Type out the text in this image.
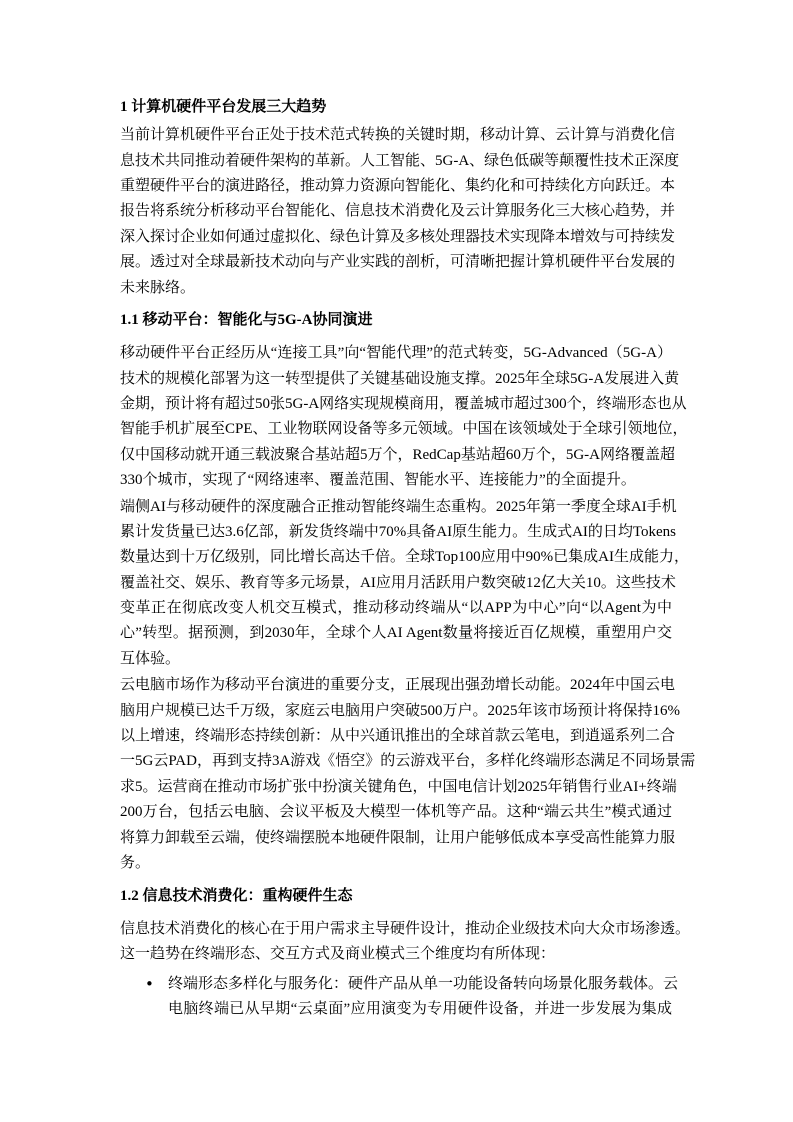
1 计算机硬件平台发展三大趋势
当前计算机硬件平台正处于技术范式转换的关键时期，移动计算、云计算与消费化信
息技术共同推动着硬件架构的革新。人工智能、5G-A、绿色低碳等颠覆性技术正深度
重塑硬件平台的演进路径，推动算力资源向智能化、集约化和可持续化方向跃迁。本
报告将系统分析移动平台智能化、信息技术消费化及云计算服务化三大核心趋势，并
深入探讨企业如何通过虚拟化、绿色计算及多核处理器技术实现降本增效与可持续发
展。透过对全球最新技术动向与产业实践的剖析，可清晰把握计算机硬件平台发展的
未来脉络。
1.1 移动平台：智能化与5G-A协同演进
移动硬件平台正经历从“连接工具”向“智能代理”的范式转变，5G-Advanced（5G-A）
技术的规模化部署为这一转型提供了关键基础设施支撑。2025年全球5G-A发展进入黄
金期，预计将有超过50张5G-A网络实现规模商用，覆盖城市超过300个，终端形态也从
智能手机扩展至CPE、工业物联网设备等多元领域。中国在该领域处于全球引领地位，
仅中国移动就开通三载波聚合基站超5万个，RedCap基站超60万个，5G-A网络覆盖超
330个城市，实现了“网络速率、覆盖范围、智能水平、连接能力”的全面提升。
端侧AI与移动硬件的深度融合正推动智能终端生态重构。2025年第一季度全球AI手机
累计发货量已达3.6亿部，新发货终端中70%具备AI原生能力。生成式AI的日均Tokens
数量达到十万亿级别，同比增长高达千倍。全球Top100应用中90%已集成AI生成能力，
覆盖社交、娱乐、教育等多元场景，AI应用月活跃用户数突破12亿大关10。这些技术
变革正在彻底改变人机交互模式，推动移动终端从“以APP为中心”向“以Agent为中
心”转型。据预测，到2030年，全球个人AI Agent数量将接近百亿规模，重塑用户交
互体验。
云电脑市场作为移动平台演进的重要分支，正展现出强劲增长动能。2024年中国云电
脑用户规模已达千万级，家庭云电脑用户突破500万户。2025年该市场预计将保持16%
以上增速，终端形态持续创新：从中兴通讯推出的全球首款云笔电，到逍遥系列二合
一5G云PAD，再到支持3A游戏《悟空》的云游戏平台，多样化终端形态满足不同场景需
求5。运营商在推动市场扩张中扮演关键角色，中国电信计划2025年销售行业AI+终端
200万台，包括云电脑、会议平板及大模型一体机等产品。这种“端云共生”模式通过
将算力卸载至云端，使终端摆脱本地硬件限制，让用户能够低成本享受高性能算力服
务。
1.2 信息技术消费化：重构硬件生态
信息技术消费化的核心在于用户需求主导硬件设计，推动企业级技术向大众市场渗透。
这一趋势在终端形态、交互方式及商业模式三个维度均有所体现：
• 终端形态多样化与服务化：硬件产品从单一功能设备转向场景化服务载体。云
电脑终端已从早期“云桌面”应用演变为专用硬件设备，并进一步发展为集成
